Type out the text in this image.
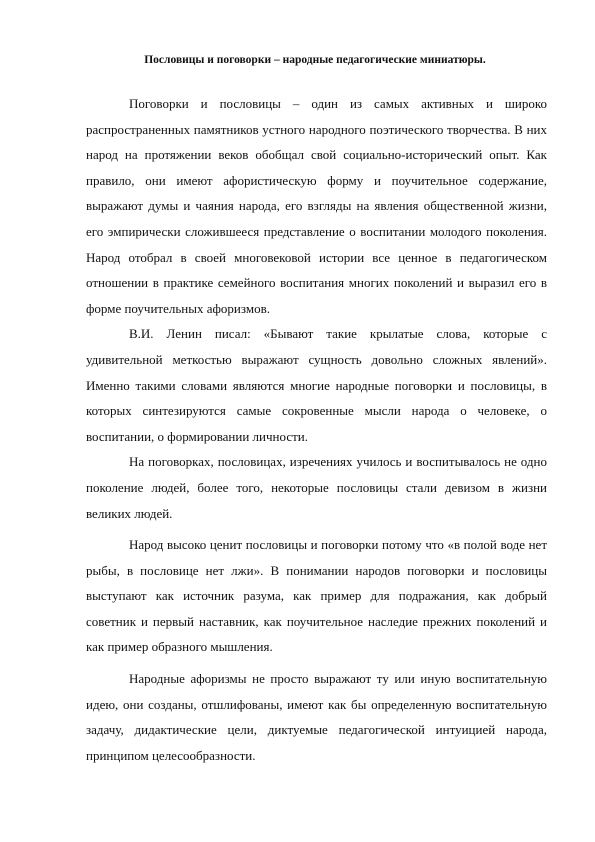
Пословицы и поговорки – народные педагогические миниатюры.

Поговорки и пословицы – один из самых активных и широко распространенных памятников устного народного поэтического творчества. В них народ на протяжении веков обобщал свой социально-исторический опыт. Как правило, они имеют афористическую форму и поучительное содержание, выражают думы и чаяния народа, его взгляды на явления общественной жизни, его эмпирически сложившееся представление о воспитании молодого поколения. Народ отобрал в своей многовековой истории все ценное в педагогическом отношении в практике семейного воспитания многих поколений и выразил его в форме поучительных афоризмов.

В.И. Ленин писал: «Бывают такие крылатые слова, которые с удивительной меткостью выражают сущность довольно сложных явлений». Именно такими словами являются многие народные поговорки и пословицы, в которых синтезируются самые сокровенные мысли народа о человеке, о воспитании, о формировании личности.

На поговорках, пословицах, изречениях училось и воспитывалось не одно поколение людей, более того, некоторые пословицы стали девизом в жизни великих людей.

Народ высоко ценит пословицы и поговорки потому что «в полой воде нет рыбы, в пословице нет лжи». В понимании народов поговорки и пословицы выступают как источник разума, как пример для подражания, как добрый советник и первый наставник, как поучительное наследие прежних поколений и как пример образного мышления.

Народные афоризмы не просто выражают ту или иную воспитательную идею, они созданы, отшлифованы, имеют как бы определенную воспитательную задачу, дидактические цели, диктуемые педагогической интуицией народа, принципом целесообразности.
